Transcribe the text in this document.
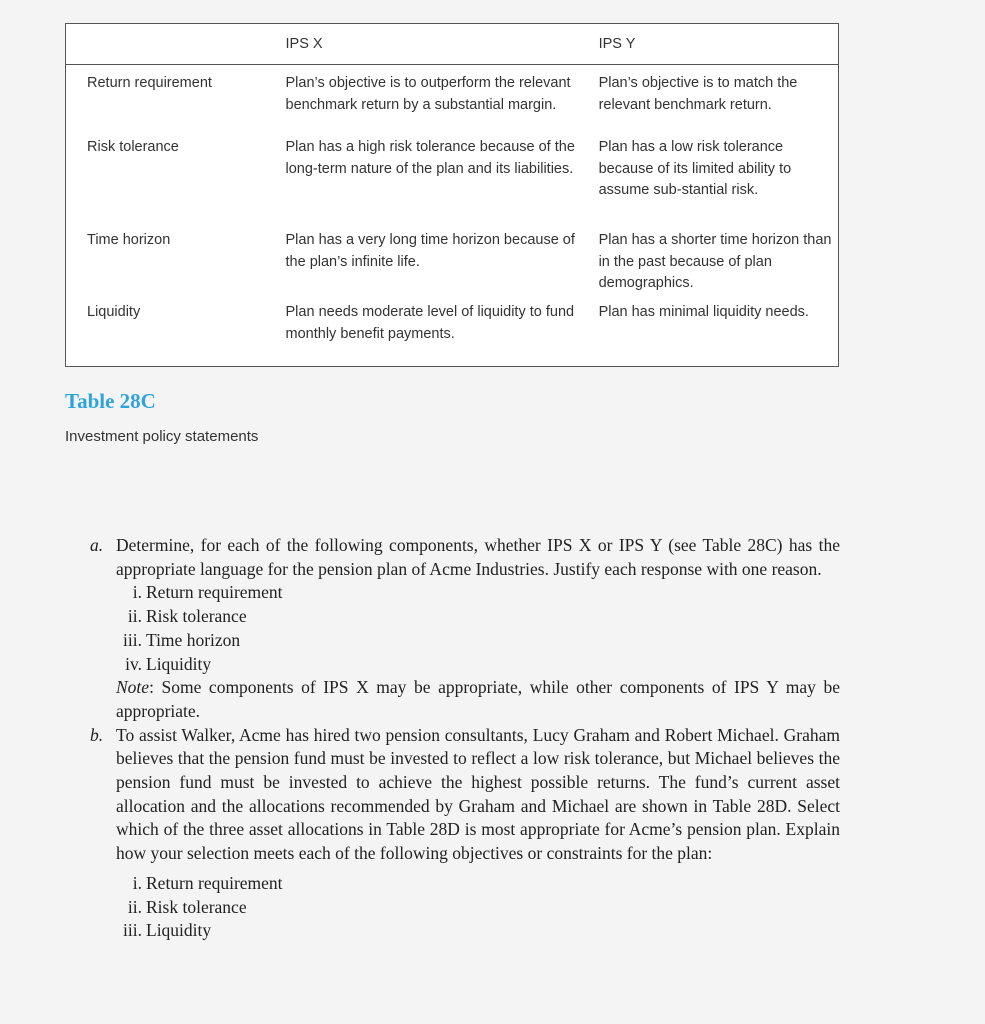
	IPS X	IPS Y
Return requirement	Plan’s objective is to outperform the relevant benchmark return by a substantial margin.	Plan’s objective is to match the relevant benchmark return.
Risk tolerance	Plan has a high risk tolerance because of the long-term nature of the plan and its liabilities.	Plan has a low risk tolerance because of its limited ability to assume sub-stantial risk.
Time horizon	Plan has a very long time horizon because of the plan’s infinite life.	Plan has a shorter time horizon than in the past because of plan demographics.
Liquidity	Plan needs moderate level of liquidity to fund monthly benefit payments.	Plan has minimal liquidity needs.
Table 28C
Investment policy statements
a. Determine, for each of the following components, whether IPS X or IPS Y (see Table 28C) has the appropriate language for the pension plan of Acme Industries. Justify each response with one reason.
i. Return requirement
ii. Risk tolerance
iii. Time horizon
iv. Liquidity
Note: Some components of IPS X may be appropriate, while other components of IPS Y may be appropriate.
b. To assist Walker, Acme has hired two pension consultants, Lucy Graham and Robert Michael. Graham believes that the pension fund must be invested to reflect a low risk tolerance, but Michael believes the pension fund must be invested to achieve the highest possible returns. The fund’s current asset allocation and the allocations recommended by Graham and Michael are shown in Table 28D. Select which of the three asset allocations in Table 28D is most appropriate for Acme’s pension plan. Explain how your selection meets each of the following objectives or constraints for the plan:
i. Return requirement
ii. Risk tolerance
iii. Liquidity
